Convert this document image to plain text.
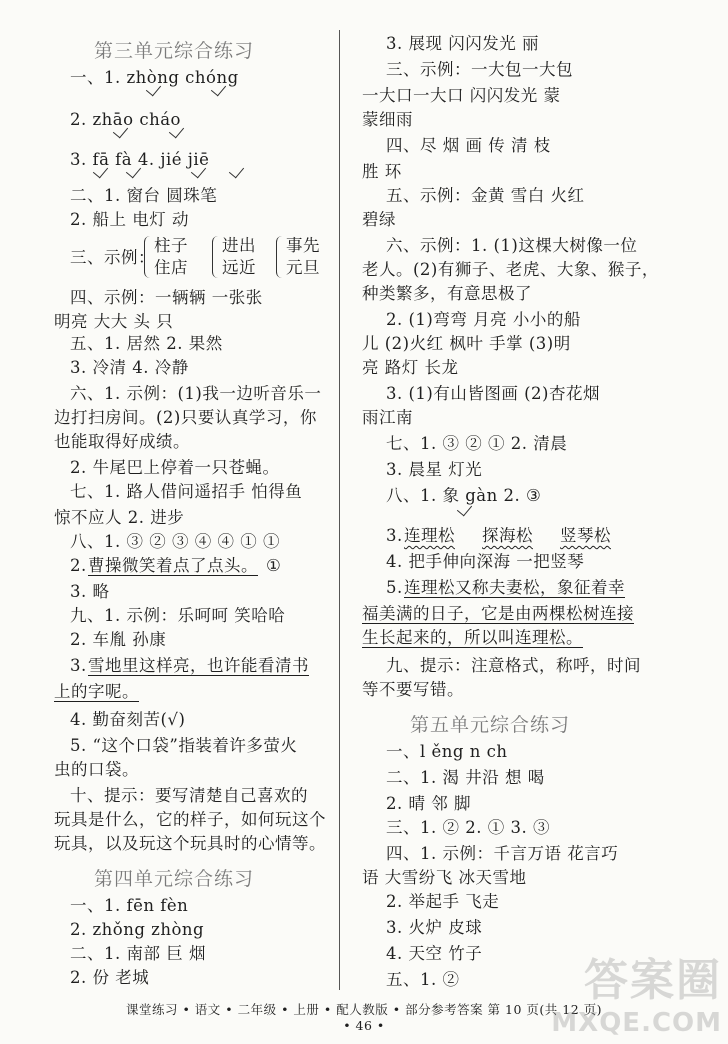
第三单元综合练习
一、1. zhòng chóng
2. zhāo cháo
3. fā fà 4. jié jiē
二、1. 窗台 圆珠笔
2. 船上 电灯 动
三、示例：
柱子
住店
进出
远近
事先
元旦
四、示例：一辆辆 一张张
明亮 大大 头 只
五、1. 居然 2. 果然
3. 冷清 4. 冷静
六、1. 示例：(1)我一边听音乐一
边打扫房间。(2)只要认真学习，你
也能取得好成绩。
2. 牛尾巴上停着一只苍蝇。
七、1. 路人借问遥招手 怕得鱼
惊不应人 2. 进步
八、1. ③ ② ③ ④ ④ ① ①
2. 曹操微笑着点了点头。 ①
3. 略
九、1. 示例：乐呵呵 笑哈哈
2. 车胤 孙康
3. 雪地里这样亮，也许能看清书
上的字呢。
4. 勤奋刻苦(√)
5. “这个口袋”指装着许多萤火
虫的口袋。
十、提示：要写清楚自己喜欢的
玩具是什么，它的样子，如何玩这个
玩具，以及玩这个玩具时的心情等。
第四单元综合练习
一、1. fēn fèn
2. zhǒng zhòng
二、1. 南部 巨 烟
2. 份 老城
3. 展现 闪闪发光 丽
三、示例：一大包一大包
一大口一大口 闪闪发光 蒙
蒙细雨
四、尽 烟 画 传 清 枝
胜 环
五、示例：金黄 雪白 火红
碧绿
六、示例：1. (1)这棵大树像一位
老人。(2)有狮子、老虎、大象、猴子，
种类繁多，有意思极了
2. (1)弯弯 月亮 小小的船
儿 (2)火红 枫叶 手掌 (3)明
亮 路灯 长龙
3. (1)有山皆图画 (2)杏花烟
雨江南
七、1. ③ ② ① 2. 清晨
3. 晨星 灯光
八、1. 象 gàn 2. ③
3. 连理松 探海松 竖琴松
4. 把手伸向深海 一把竖琴
5. 连理松又称夫妻松，象征着幸
福美满的日子，它是由两棵松树连接
生长起来的，所以叫连理松。
九、提示：注意格式，称呼，时间
等不要写错。
第五单元综合练习
一、l ěng n ch
二、1. 渴 井沿 想 喝
2. 晴 邻 脚
三、1. ② 2. ① 3. ③
四、1. 示例：千言万语 花言巧
语 大雪纷飞 冰天雪地
2. 举起手 飞走
3. 火炉 皮球
4. 天空 竹子
五、1. ②
课堂练习 • 语文 • 二年级 • 上册 • 配人教版 • 部分参考答案 第 10 页(共 12 页)
• 46 •
答案圈
MXQE.COM
